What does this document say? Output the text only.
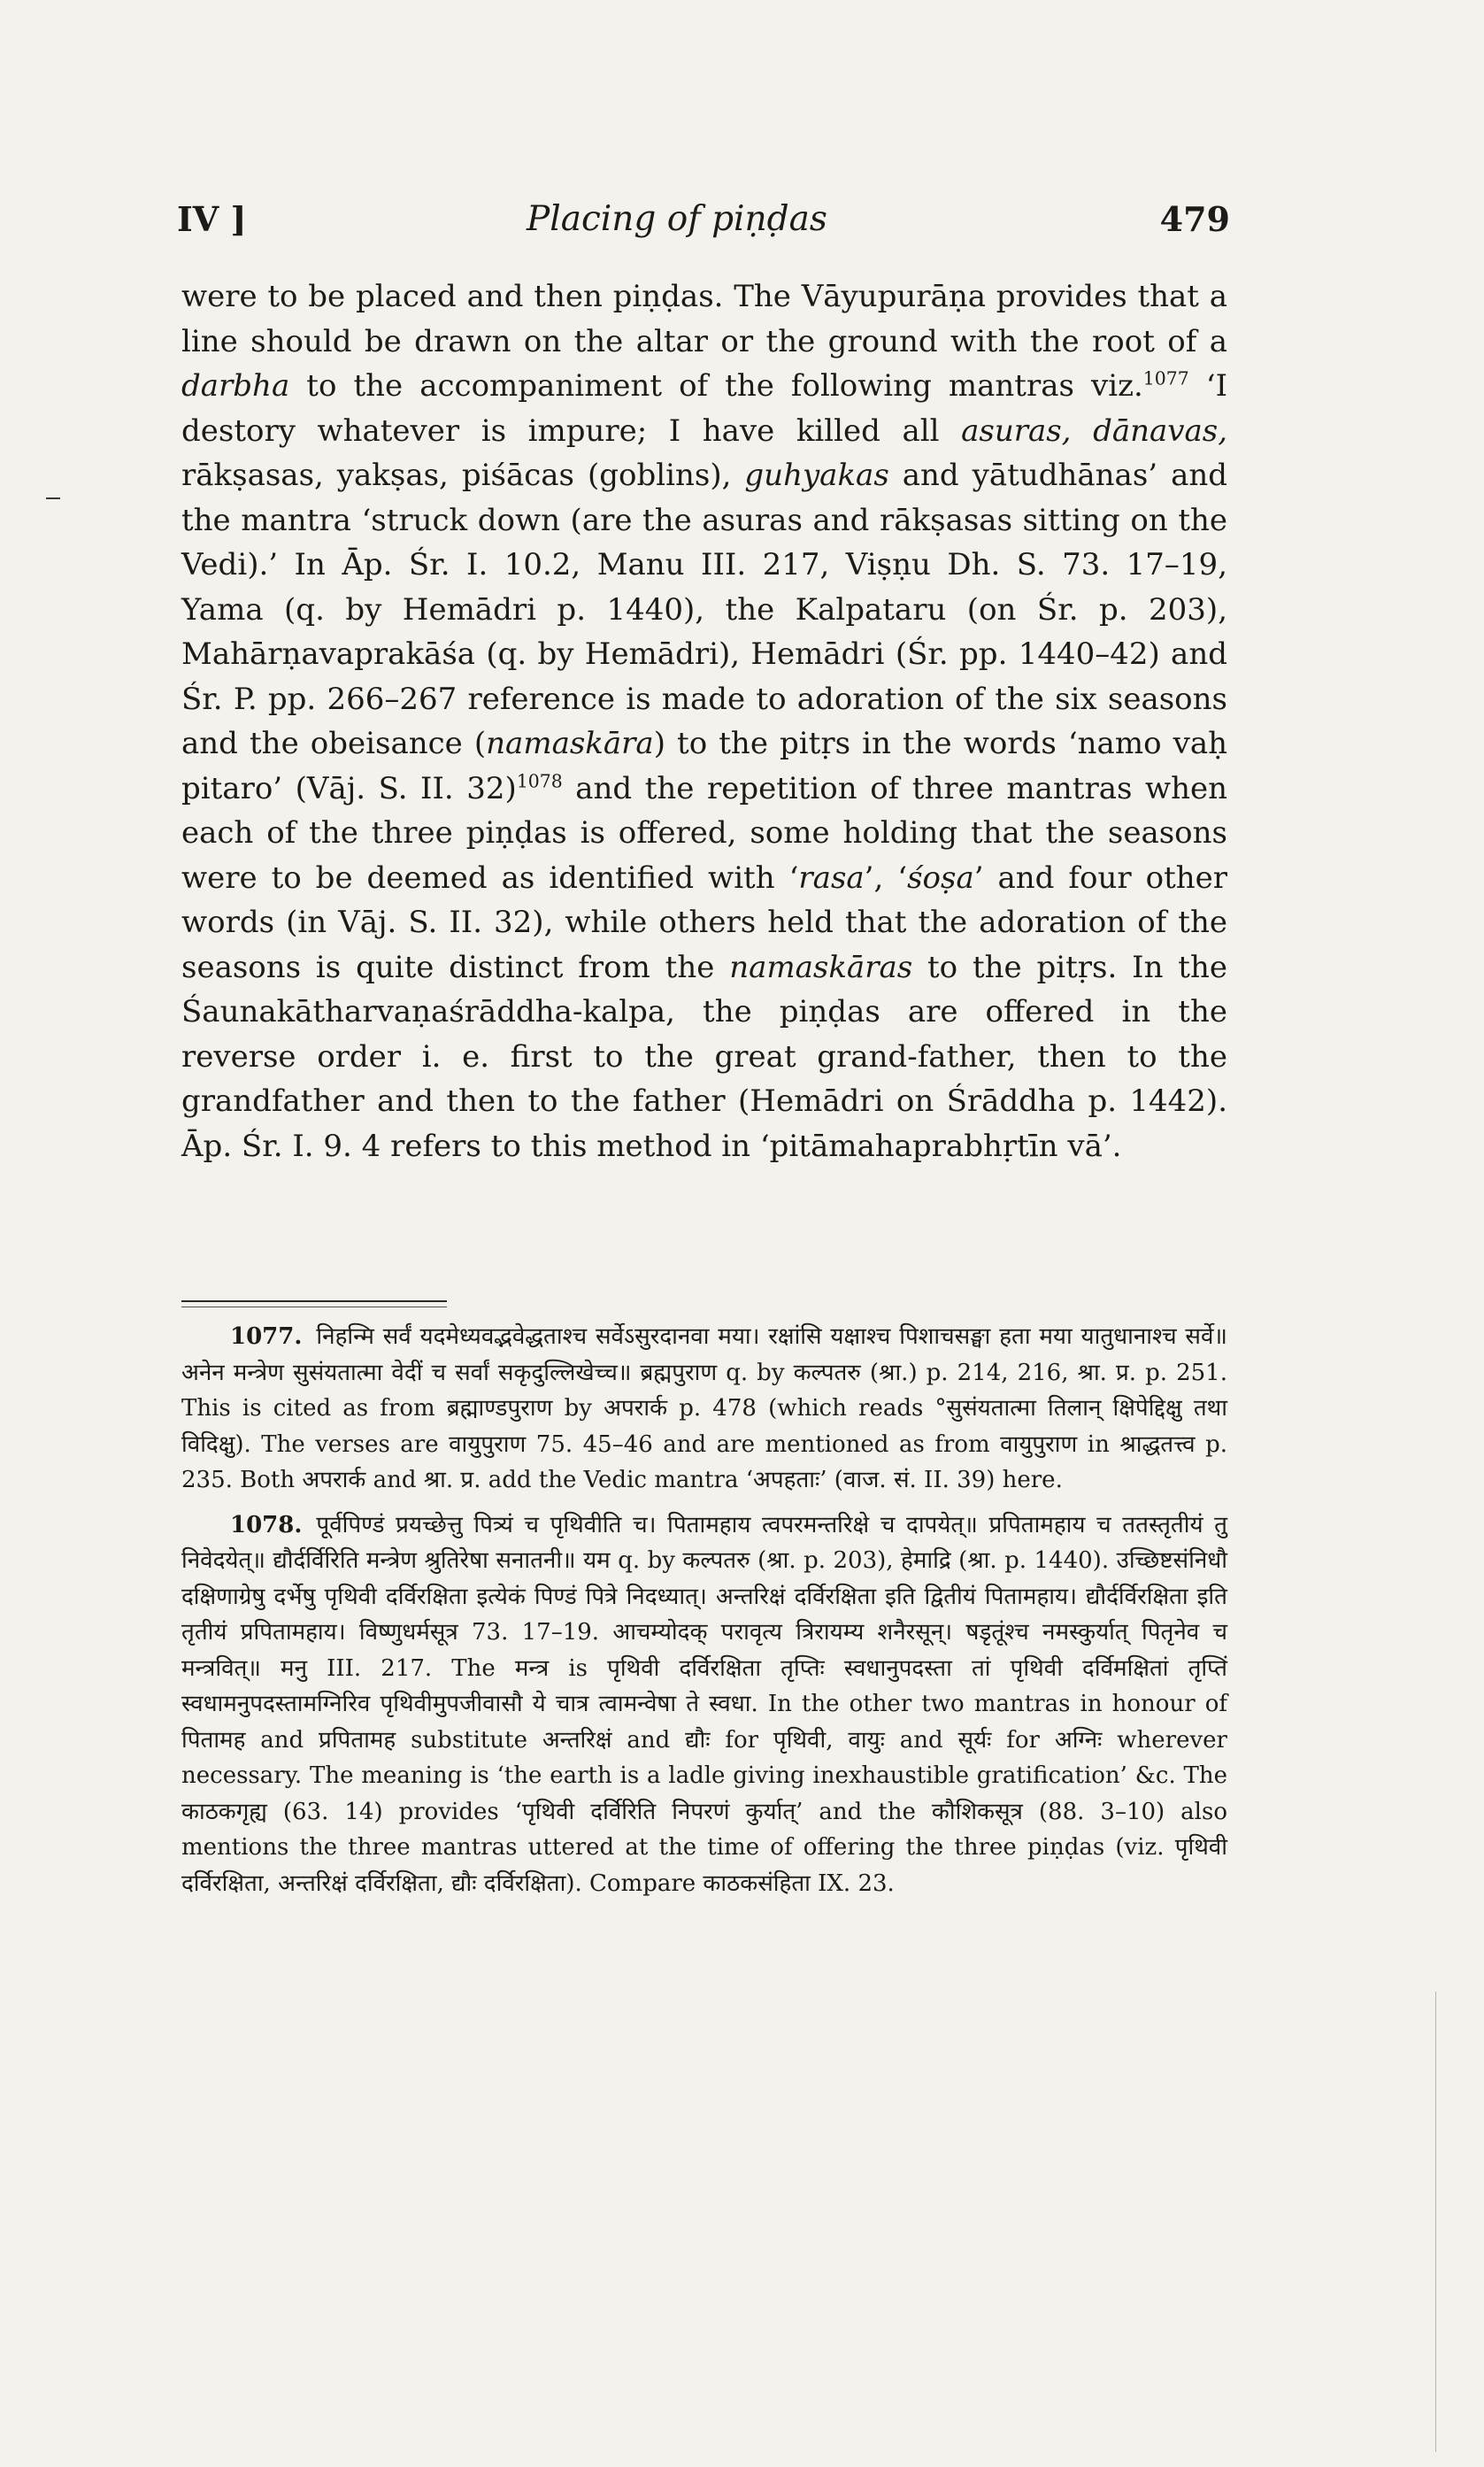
IV ]	Placing of piṇḍas	479

were to be placed and then piṇḍas. The Vāyupurāṇa provides that a line should be drawn on the altar or the ground with the root of a darbha to the accompaniment of the following mantras viz.$^{1077}$ ‘I destory whatever is impure; I have killed all asuras, dānavas, rākṣasas, yakṣas, piśācas (goblins), guhyakas and yātudhānas’ and the mantra ‘struck down (are the asuras and rākṣasas sitting on the Vedi).’ In Āp. Śr. I. 10.2, Manu III. 217, Viṣṇu Dh. S. 73. 17–19, Yama (q. by Hemādri p. 1440), the Kalpataru (on Śr. p. 203), Mahārṇavaprakāśa (q. by Hemādri), Hemādri (Śr. pp. 1440–42) and Śr. P. pp. 266–267 reference is made to adoration of the six seasons and the obeisance (namaskāra) to the pitṛs in the words ‘namo vaḥ pitaro’ (Vāj. S. II. 32)$^{1078}$ and the repetition of three mantras when each of the three piṇḍas is offered, some holding that the seasons were to be deemed as identified with ‘rasa’, ‘śoṣa’ and four other words (in Vāj. S. II. 32), while others held that the adoration of the seasons is quite distinct from the namaskāras to the pitṛs. In the Śaunakātharvaṇaśrāddha-kalpa, the piṇḍas are offered in the reverse order i. e. first to the great grand-father, then to the grandfather and then to the father (Hemādri on Śrāddha p. 1442). Āp. Śr. I. 9. 4 refers to this method in ‘pitāmahaprabhṛtīn vā’.

1077. निहन्मि सर्वं यदमेध्यवद्भवेद्धताश्च सर्वेऽसुरदानवा मया। रक्षांसि यक्षाश्च पिशाचसङ्घा हता मया यातुधानाश्च सर्वे॥ अनेन मन्त्रेण सुसंयतात्मा वेदीं च सर्वां सकृदुल्लिखेच्च॥ ब्रह्मपुराण q. by कल्पतरु (श्रा.) p. 214, 216, श्रा. प्र. p. 251. This is cited as from ब्रह्माण्डपुराण by अपरार्क p. 478 (which reads °सुसंयतात्मा तिलान् क्षिपेद्दिक्षु तथा विदिक्षु). The verses are वायुपुराण 75. 45–46 and are mentioned as from वायुपुराण in श्राद्धतत्त्व p. 235. Both अपरार्क and श्रा. प्र. add the Vedic mantra ‘अपहताः’ (वाज. सं. II. 39) here.

1078. पूर्वपिण्डं प्रयच्छेत्तु पित्र्यं च पृथिवीति च। पितामहाय त्वपरमन्तरिक्षे च दापयेत्॥ प्रपितामहाय च ततस्तृतीयं तु निवेदयेत्॥ द्यौर्दर्विरिति मन्त्रेण श्रुतिरेषा सनातनी॥ यम q. by कल्पतरु (श्रा. p. 203), हेमाद्रि (श्रा. p. 1440). उच्छिष्टसंनिधौ दक्षिणाग्रेषु दर्भेषु पृथिवी दर्विरक्षिता इत्येकं पिण्डं पित्रे निदध्यात्। अन्तरिक्षं दर्विरक्षिता इति द्वितीयं पितामहाय। द्यौर्दर्विरक्षिता इति तृतीयं प्रपितामहाय। विष्णुधर्मसूत्र 73. 17–19. आचम्योदक् परावृत्य त्रिरायम्य शनैरसून्। षडृतूंश्च नमस्कुर्यात् पितृनेव च मन्त्रवित्॥ मनु III. 217. The मन्त्र is पृथिवी दर्विरक्षिता तृप्तिः स्वधानुपदस्ता तां पृथिवी दर्विमक्षितां तृप्तिं स्वधामनुपदस्तामग्निरिव पृथिवीमुपजीवासौ ये चात्र त्वामन्वेषा ते स्वधा. In the other two mantras in honour of पितामह and प्रपितामह substitute अन्तरिक्षं and द्यौः for पृथिवी, वायुः and सूर्यः for अग्निः wherever necessary. The meaning is ‘the earth is a ladle giving inexhaustible gratification’ &c. The काठकगृह्य (63. 14) provides ‘पृथिवी दर्विरिति निपरणं कुर्यात्’ and the कौशिकसूत्र (88. 3–10) also mentions the three mantras uttered at the time of offering the three piṇḍas (viz. पृथिवी दर्विरक्षिता, अन्तरिक्षं दर्विरक्षिता, द्यौः दर्विरक्षिता). Compare काठकसंहिता IX. 23.
